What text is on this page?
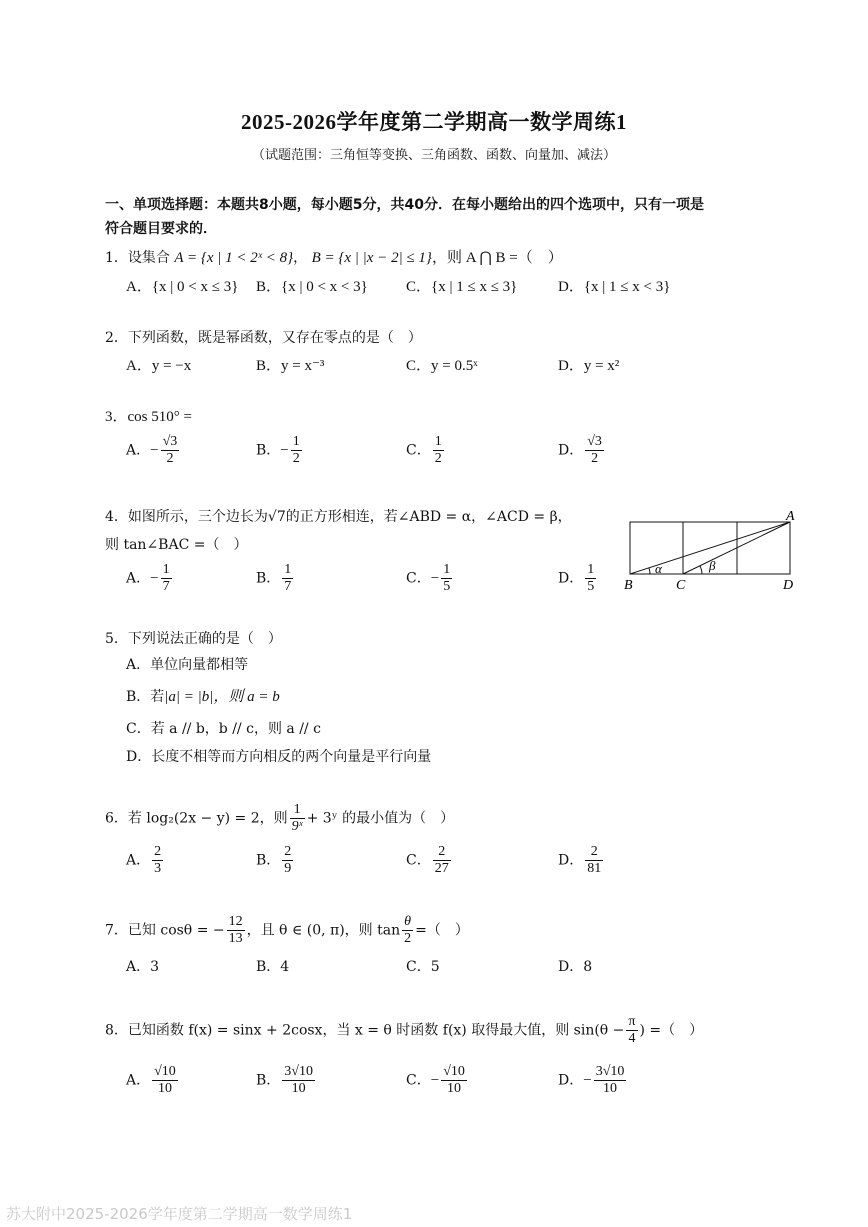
2025-2026学年度第二学期高一数学周练1
（试题范围：三角恒等变换、三角函数、函数、向量加、减法）
一、单项选择题：本题共8小题，每小题5分，共40分．在每小题给出的四个选项中，只有一项是
符合题目要求的．
1．设集合 A = {x | 1 < 2ˣ < 8}， B = {x | |x − 2| ≤ 1}，则 A ⋂ B =（　）
A．{x | 0 < x ≤ 3} B．{x | 0 < x < 3}	C．{x | 1 ≤ x ≤ 3}	D．{x | 1 ≤ x < 3}
2．下列函数，既是幂函数，又存在零点的是（　）
A．y = −x	B．y = x⁻³	C．y = 0.5ˣ	D．y = x²
3．cos 510° =
A．− $\frac{√3}{2}$	B．− $\frac{1}{2}$	C． $\frac{1}{2}$	D． $\frac{√3}{2}$
4．如图所示，三个边长为√7的正方形相连，若∠ABD = α，∠ACD = β，
则 tan∠BAC =（　）
A．− $\frac{1}{7}$	B． $\frac{1}{7}$	C．− $\frac{1}{5}$	D． $\frac{1}{5}$
A
B	C	D
α	β
5．下列说法正确的是（　）
A．单位向量都相等
B．若|a| = |b|，则 a = b
C．若 a // b，b // c，则 a // c
D．长度不相等而方向相反的两个向量是平行向量
6．若 log₂(2x − y) = 2，则 $\frac{1}{\text{9ˣ}}$ + 3ʸ 的最小值为（　）
A． $\frac{2}{3}$	B． $\frac{2}{9}$	C． $\frac{2}{27}$	D． $\frac{2}{81}$
7．已知 cosθ = − $\frac{12}{13}$ ，且 θ ∈ (0, π)，则 $\tan \frac{\theta}{2}$ =（　）
A．3	B．4	C．5	D．8
8．已知函数 f(x) = sinx + 2cosx，当 x = θ 时函数 f(x) 取得最大值，则 $\sin(\theta - \frac{\pi}{4}$ ) =（　）
A． $\frac{√10}{10}$	B． $\frac{3√10}{10}$	C．− $\frac{√10}{10}$	D．− $\frac{3√10}{10}$
苏大附中2025-2026学年度第二学期高一数学周练1
